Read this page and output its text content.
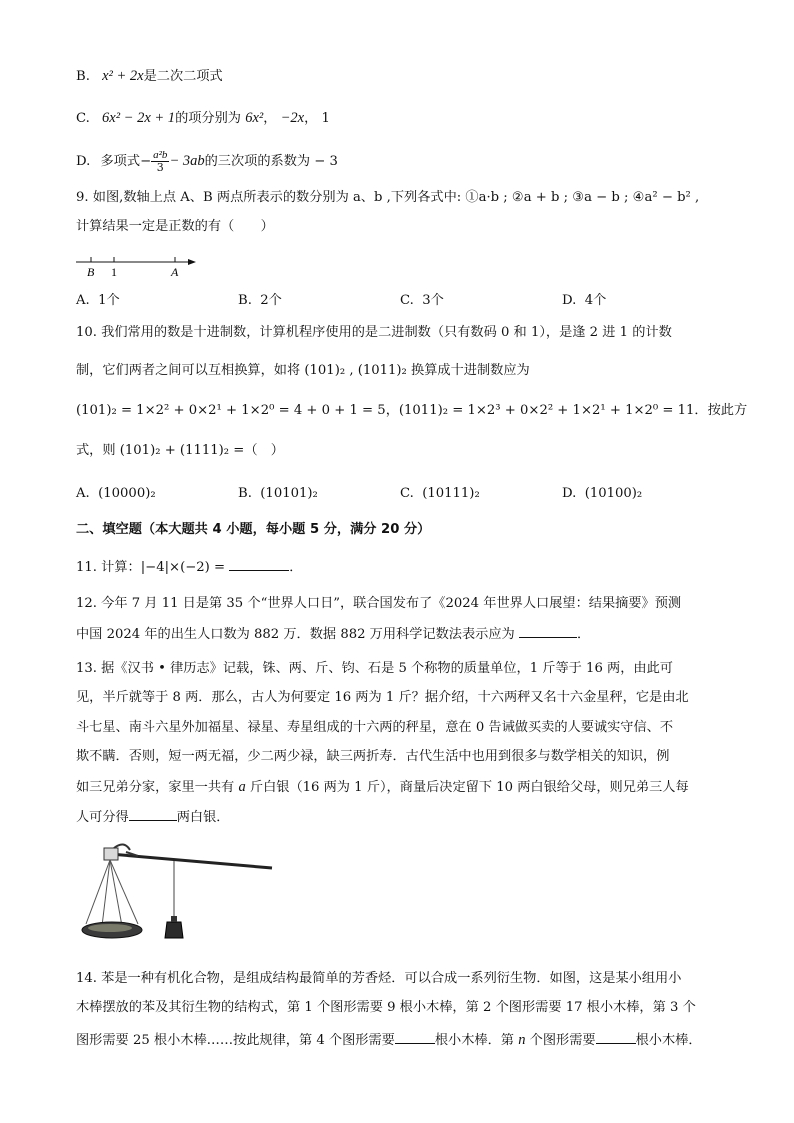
B. x² + 2x是二次二项式
C. 6x² − 2x + 1的项分别为 6x²， −2x， 1
D. 多项式− $\frac{\text{a²b}}{3} - 3ab$的三次项的系数为 − 3
9. 如图,数轴上点 A、B 两点所表示的数分别为 a、b ,下列各式中: ①a·b ; ②a + b ; ③a − b ; ④a² − b² ,
计算结果一定是正数的有（　　）
B 1	A
A. 1个	B. 2个	C. 3个	D. 4个
10. 我们常用的数是十进制数，计算机程序使用的是二进制数（只有数码 0 和 1），是逢 2 进 1 的计数
制，它们两者之间可以互相换算，如将 (101)₂ , (1011)₂ 换算成十进制数应为
(101)₂ = 1×2² + 0×2¹ + 1×2⁰ = 4 + 0 + 1 = 5，(1011)₂ = 1×2³ + 0×2² + 1×2¹ + 1×2⁰ = 11．按此方
式，则 (101)₂ + (1111)₂ =（　）
A. (10000)₂	B. (10101)₂	C. (10111)₂	D. (10100)₂
二、填空题（本大题共 4 小题，每小题 5 分，满分 20 分）
11. 计算：|−4|×(−2) =	．
12. 今年 7 月 11 日是第 35 个“世界人口日”，联合国发布了《2024 年世界人口展望：结果摘要》预测
中国 2024 年的出生人口数为 882 万．数据 882 万用科学记数法表示应为	．
13. 据《汉书 • 律历志》记载，铢、两、斤、钧、石是 5 个称物的质量单位，1 斤等于 16 两，由此可
见，半斤就等于 8 两．那么，古人为何要定 16 两为 1 斤？据介绍，十六两秤又名十六金星秤，它是由北
斗七星、南斗六星外加福星、禄星、寿星组成的十六两的秤星，意在 0 告诫做买卖的人要诚实守信、不
欺不瞒．否则，短一两无福，少二两少禄，缺三两折寿．古代生活中也用到很多与数学相关的知识，例
如三兄弟分家，家里一共有 a 斤白银（16 两为 1 斤），商量后决定留下 10 两白银给父母，则兄弟三人每
人可分得	两白银．
14. 苯是一种有机化合物，是组成结构最简单的芳香烃．可以合成一系列衍生物．如图，这是某小组用小
木棒摆放的苯及其衍生物的结构式，第 1 个图形需要 9 根小木棒，第 2 个图形需要 17 根小木棒，第 3 个
图形需要 25 根小木棒……按此规律，第 4 个图形需要	根小木棒．第 n 个图形需要	根小木棒．
